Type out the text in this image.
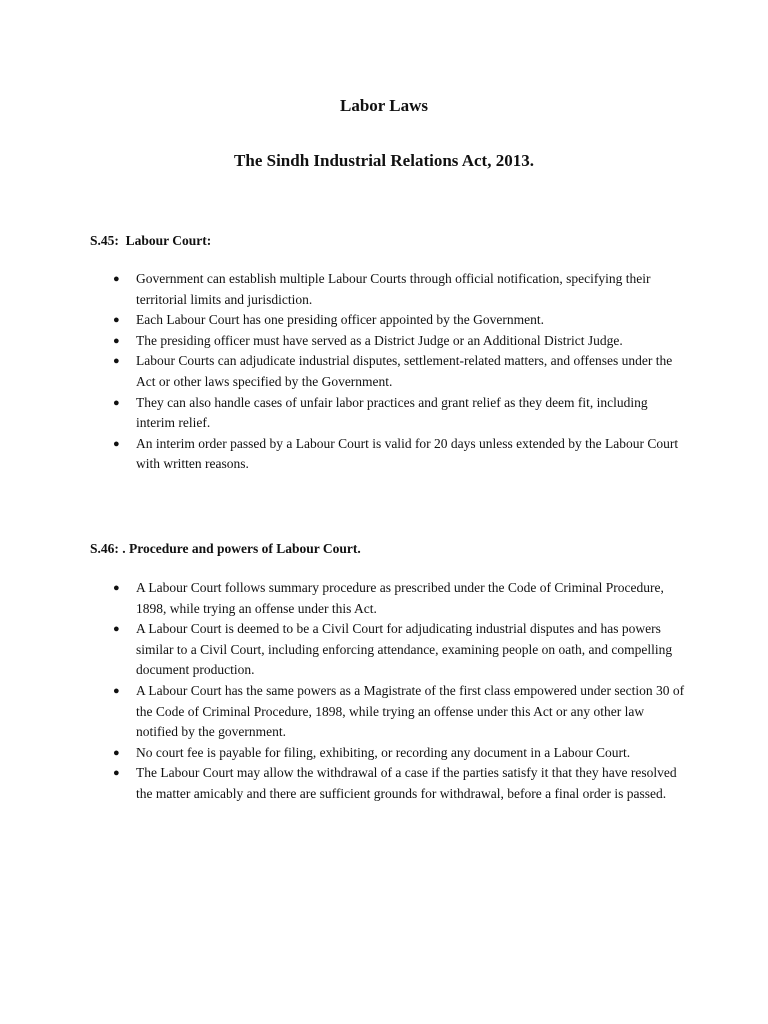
Labor Laws
The Sindh Industrial Relations Act, 2013.

S.45:  Labour Court:

● Government can establish multiple Labour Courts through official notification, specifying their territorial limits and jurisdiction.
● Each Labour Court has one presiding officer appointed by the Government.
● The presiding officer must have served as a District Judge or an Additional District Judge.
● Labour Courts can adjudicate industrial disputes, settlement-related matters, and offenses under the Act or other laws specified by the Government.
● They can also handle cases of unfair labor practices and grant relief as they deem fit, including interim relief.
● An interim order passed by a Labour Court is valid for 20 days unless extended by the Labour Court with written reasons.

S.46: . Procedure and powers of Labour Court.

● A Labour Court follows summary procedure as prescribed under the Code of Criminal Procedure, 1898, while trying an offense under this Act.
● A Labour Court is deemed to be a Civil Court for adjudicating industrial disputes and has powers similar to a Civil Court, including enforcing attendance, examining people on oath, and compelling document production.
● A Labour Court has the same powers as a Magistrate of the first class empowered under section 30 of the Code of Criminal Procedure, 1898, while trying an offense under this Act or any other law notified by the government.
● No court fee is payable for filing, exhibiting, or recording any document in a Labour Court.
● The Labour Court may allow the withdrawal of a case if the parties satisfy it that they have resolved the matter amicably and there are sufficient grounds for withdrawal, before a final order is passed.
